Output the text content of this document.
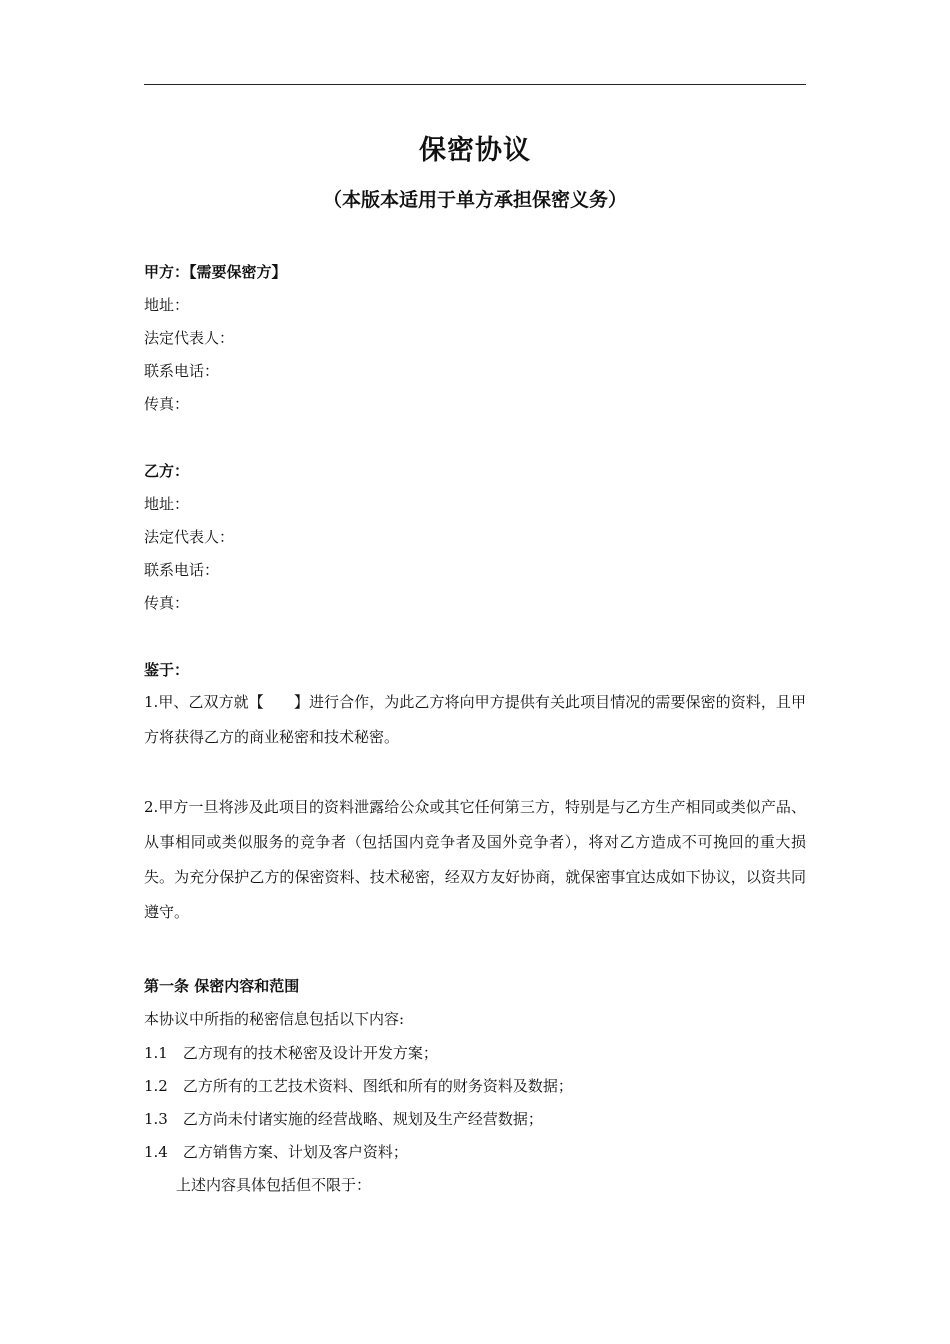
保密协议
（本版本适用于单方承担保密义务）
甲方：【需要保密方】
地址：
法定代表人：
联系电话：
传真：
乙方：
地址：
法定代表人：
联系电话：
传真：
鉴于：
1.甲、乙双方就【　　】进行合作，为此乙方将向甲方提供有关此项目情况的需要保密的资料，且甲方将获得乙方的商业秘密和技术秘密。
2.甲方一旦将涉及此项目的资料泄露给公众或其它任何第三方，特别是与乙方生产相同或类似产品、从事相同或类似服务的竞争者（包括国内竞争者及国外竞争者），将对乙方造成不可挽回的重大损失。为充分保护乙方的保密资料、技术秘密，经双方友好协商，就保密事宜达成如下协议，以资共同遵守。
第一条 保密内容和范围
本协议中所指的秘密信息包括以下内容:
1.1　乙方现有的技术秘密及设计开发方案；
1.2　乙方所有的工艺技术资料、图纸和所有的财务资料及数据；
1.3　乙方尚未付诸实施的经营战略、规划及生产经营数据；
1.4　乙方销售方案、计划及客户资料；
上述内容具体包括但不限于：
